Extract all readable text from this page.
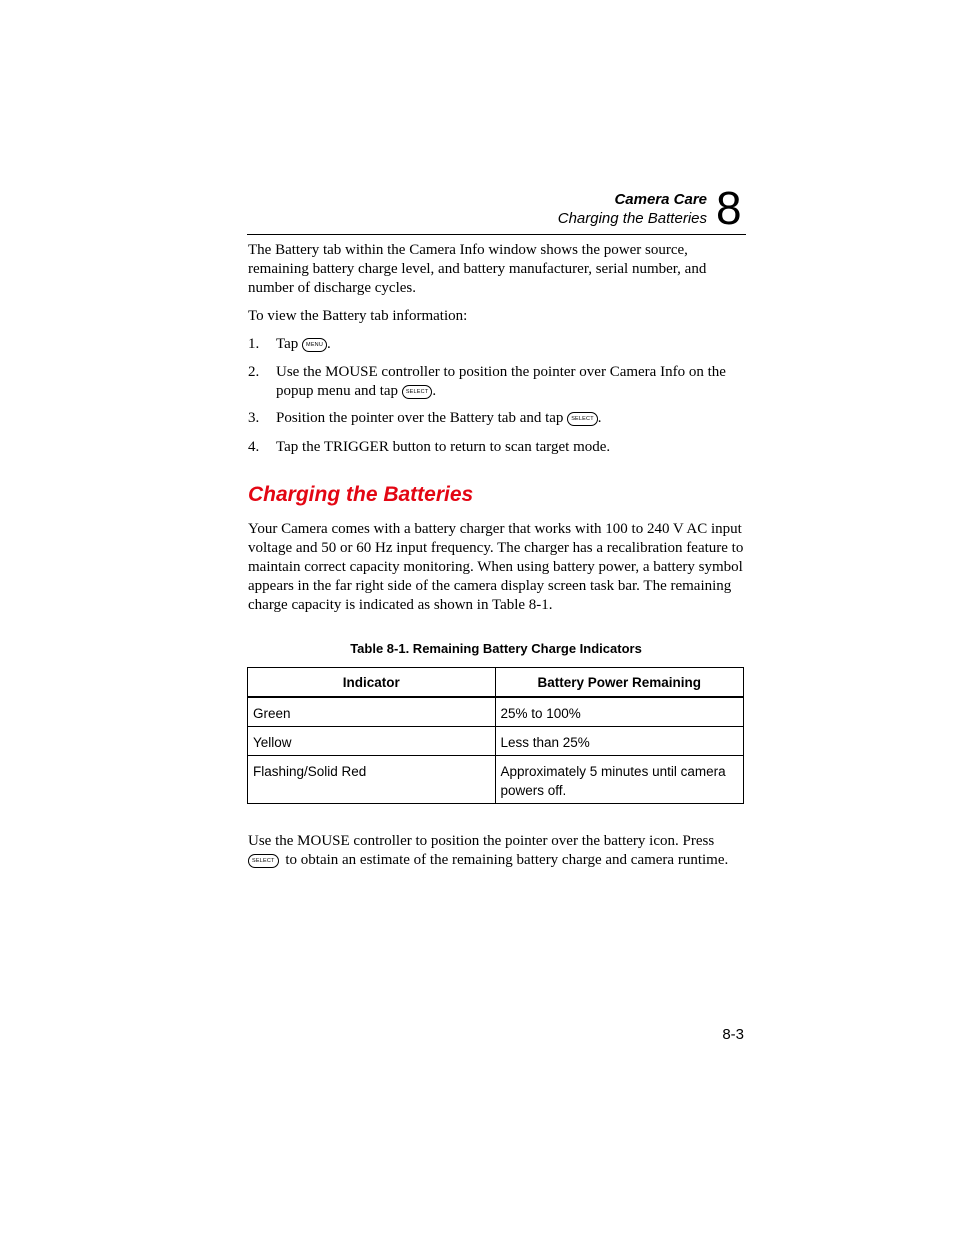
Camera Care
Charging the Batteries 8
The Battery tab within the Camera Info window shows the power source, remaining battery charge level, and battery manufacturer, serial number, and number of discharge cycles.
To view the Battery tab information:
1. Tap MENU .
2. Use the MOUSE controller to position the pointer over Camera Info on the popup menu and tap SELECT .
3. Position the pointer over the Battery tab and tap SELECT .
4. Tap the TRIGGER button to return to scan target mode.
Charging the Batteries
Your Camera comes with a battery charger that works with 100 to 240 V AC input voltage and 50 or 60 Hz input frequency. The charger has a recalibration feature to maintain correct capacity monitoring. When using battery power, a battery symbol appears in the far right side of the camera display screen task bar. The remaining charge capacity is indicated as shown in Table 8-1.
Table 8-1. Remaining Battery Charge Indicators
Indicator	Battery Power Remaining
Green	25% to 100%
Yellow	Less than 25%
Flashing/Solid Red	Approximately 5 minutes until camera powers off.
Use the MOUSE controller to position the pointer over the battery icon. Press SELECT to obtain an estimate of the remaining battery charge and camera runtime.
8-3
